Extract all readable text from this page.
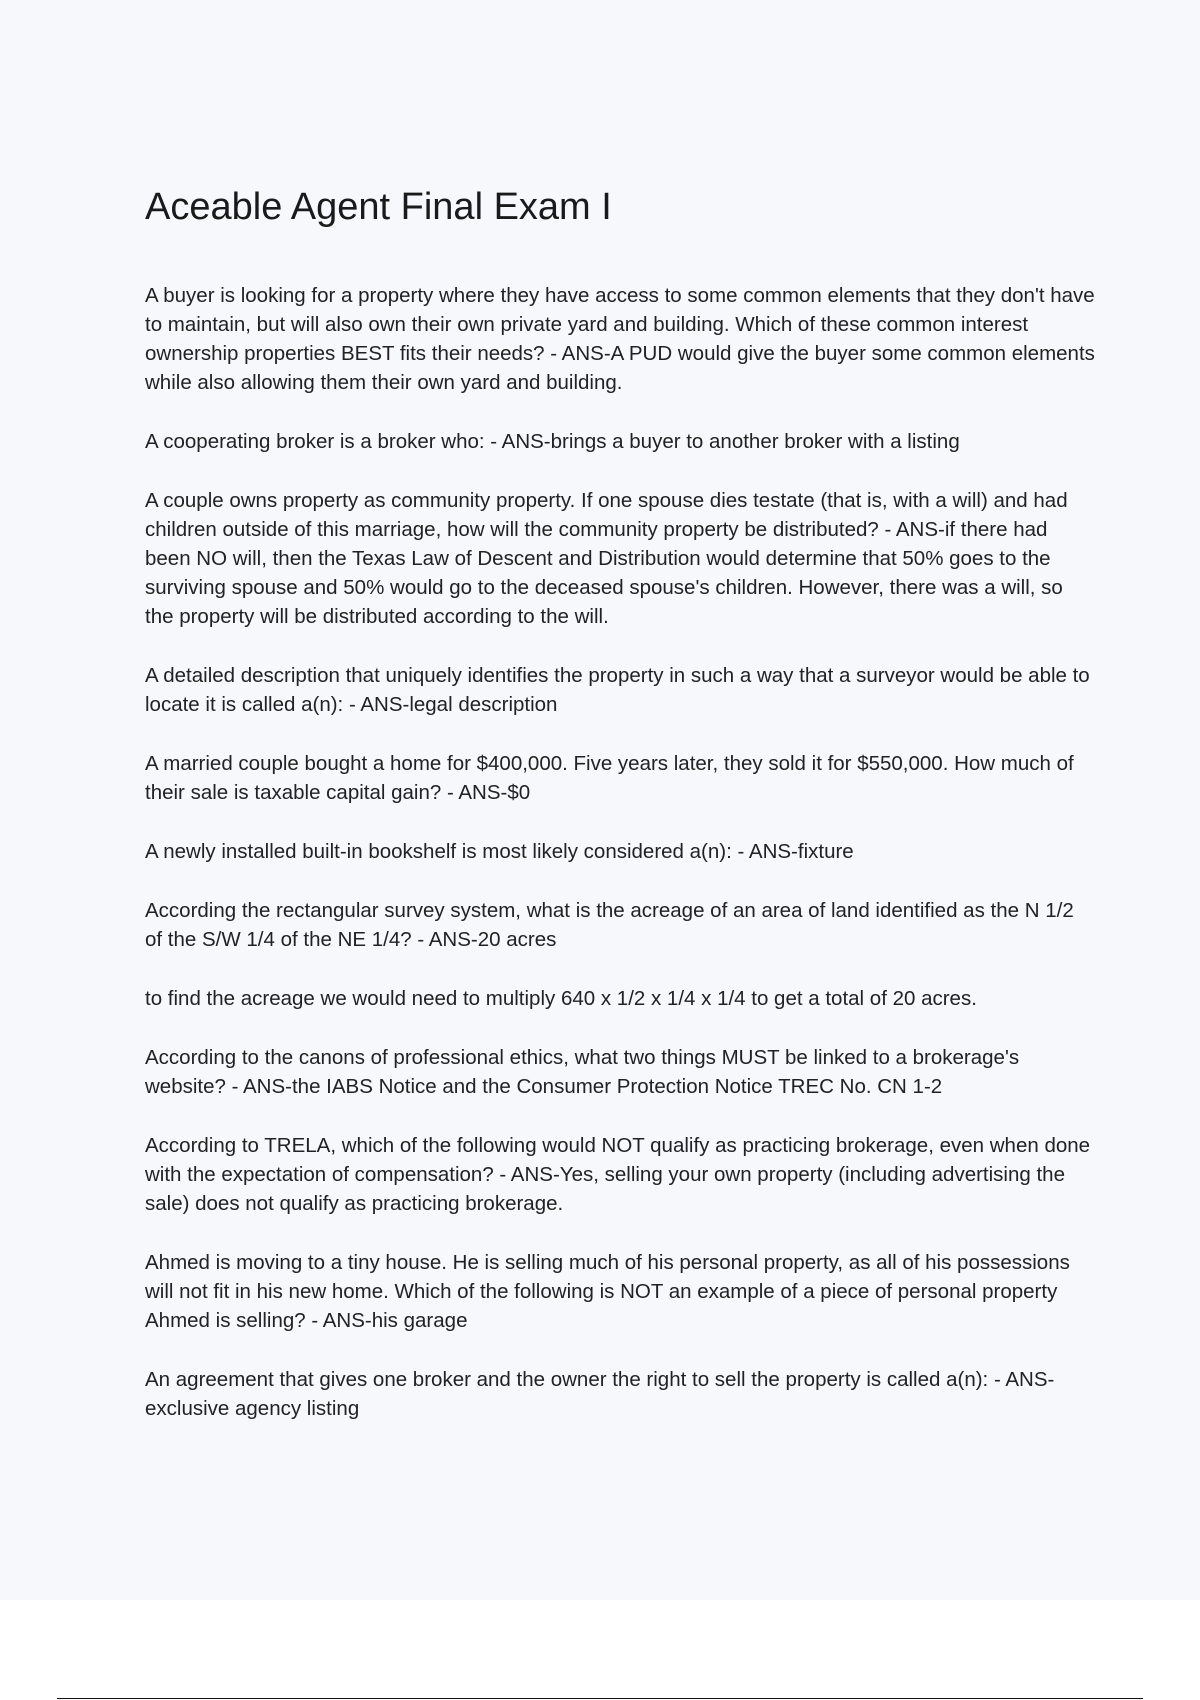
Aceable Agent Final Exam I

A buyer is looking for a property where they have access to some common elements that they don't have to maintain, but will also own their own private yard and building. Which of these common interest ownership properties BEST fits their needs? - ANS-A PUD would give the buyer some common elements while also allowing them their own yard and building.

A cooperating broker is a broker who: - ANS-brings a buyer to another broker with a listing

A couple owns property as community property. If one spouse dies testate (that is, with a will) and had children outside of this marriage, how will the community property be distributed? - ANS-if there had been NO will, then the Texas Law of Descent and Distribution would determine that 50% goes to the surviving spouse and 50% would go to the deceased spouse's children. However, there was a will, so the property will be distributed according to the will.

A detailed description that uniquely identifies the property in such a way that a surveyor would be able to locate it is called a(n): - ANS-legal description

A married couple bought a home for $400,000. Five years later, they sold it for $550,000. How much of their sale is taxable capital gain? - ANS-$0

A newly installed built-in bookshelf is most likely considered a(n): - ANS-fixture

According the rectangular survey system, what is the acreage of an area of land identified as the N 1/2 of the S/W 1/4 of the NE 1/4? - ANS-20 acres

to find the acreage we would need to multiply 640 x 1/2 x 1/4 x 1/4 to get a total of 20 acres.

According to the canons of professional ethics, what two things MUST be linked to a brokerage's website? - ANS-the IABS Notice and the Consumer Protection Notice TREC No. CN 1-2

According to TRELA, which of the following would NOT qualify as practicing brokerage, even when done with the expectation of compensation? - ANS-Yes, selling your own property (including advertising the sale) does not qualify as practicing brokerage.

Ahmed is moving to a tiny house. He is selling much of his personal property, as all of his possessions will not fit in his new home. Which of the following is NOT an example of a piece of personal property Ahmed is selling? - ANS-his garage

An agreement that gives one broker and the owner the right to sell the property is called a(n): - ANS-exclusive agency listing
